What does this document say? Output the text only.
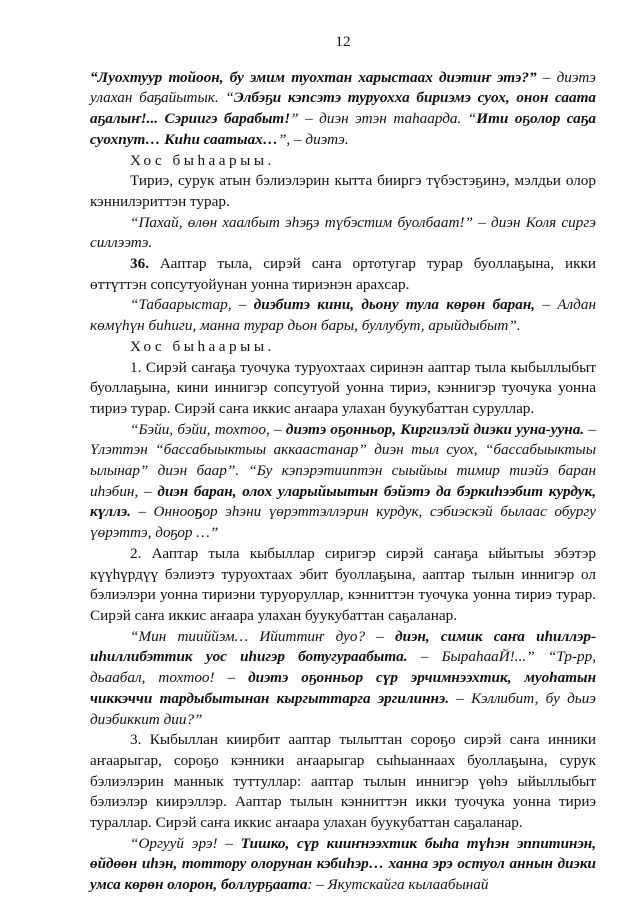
12

“Луохтуур тойоон, бу эмим туохтан харыстаах диэтиҥ этэ?” – диэтэ улахан баҕайытык. “Элбэҕи кэпсэтэ туруохха бириэмэ суох, онон саата аҕалыҥ!... Сэриигэ барабыт!” – диэн этэн таһаарда. “Ити оҕолор саҕа суохпут… Киһи саатыах…”, – диэтэ.

Хос быһаарыы.

Тириэ, сурук атын бэлиэлэрин кытта бииргэ түбэстэҕинэ, мэлдьи олор кэннилэриттэн турар.

“Пахай, өлөн хаалбыт эһэҕэ түбэстим буолбаат!” – диэн Коля сиргэ силлээтэ.

36. Ааптар тыла, сирэй саҥа ортотугар турар буоллаҕына, икки өттүттэн сопсутуойунан уонна тириэнэн арахсар.

“Табаарыстар, – диэбитэ кини, дьону тула көрөн баран, – Алдан көмүһүн биһиги, манна турар дьон бары, буллубут, арыйдыбыт”.

Хос быһаарыы.

1. Сирэй саҥаҕа туочука туруохтаах сиринэн ааптар тыла кыбыллыбыт буоллаҕына, кини иннигэр сопсутуой уонна тириэ, кэннигэр туочука уонна тириэ турар. Сирэй саҥа иккис аҥаара улахан буукубаттан суруллар.

“Бэйи, бэйи, тохтоо, – диэтэ оҕонньор, Киргиэлэй диэки ууна-ууна. – Үлэттэн “бассабыыктыы аккаастанар” диэн тыл суох, “бассабыыктыы ылынар” диэн баар”. “Бу кэпэрэтииптэн сыыйыы тимир тиэйэ баран иһэбин, – диэн баран, олох уларыйыытын бэйэтэ да бэркиһээбит курдук, күллэ. – Оннооҕор эһэни үөрэттэллэрин курдук, сэбиэскэй былаас обургу үөрэттэ, доҕор …”

2. Ааптар тыла кыбыллар сиригэр сирэй саҥаҕа ыйытыы эбэтэр күүһүрдүү бэлиэтэ туруохтаах эбит буоллаҕына, ааптар тылын иннигэр ол бэлиэлэри уонна тириэни туруоруллар, кэнниттэн туочука уонна тириэ турар. Сирэй саҥа иккис аҥаара улахан буукубаттан саҕаланар.

“Мин тииййэм… Ийиттиҥ дуо? – диэн, симик саҥа иһиллэр-иһиллибэттик уос иһигэр ботугураабыта. – БыраһааЙ!...” “Тр-рр, дьаабал, тохтоо! – диэтэ оҕонньор сүр эрчимнээхтик, муоһатын чиккэччи тардыбытынан кыргыттарга эргилиннэ. – Кэллибит, бу дьиэ диэбиккит дии?”

3. Кыбыллан киирбит ааптар тылыттан сороҕо сирэй саҥа инники аҥаарыгар, сороҕо кэнники аҥаарыгар сыһыаннаах буоллаҕына, сурук бэлиэлэрин маннык туттуллар: ааптар тылын иннигэр үөһэ ыйыллыбыт бэлиэлэр киирэллэр. Ааптар тылын кэнниттэн икки туочука уонна тириэ тураллар. Сирэй саҥа иккис аҥаара улахан буукубаттан саҕаланар.

“Оргууй эрэ! – Тишко, сүр кииҥнээхтик быһа түһэн эппитинэн, өйдөөн иһэн, тоттору олорунан кэбиһэр… ханна эрэ остуол аннын диэки умса көрөн олорон, боллурҕаата: – Якутскайга кылаабынай
